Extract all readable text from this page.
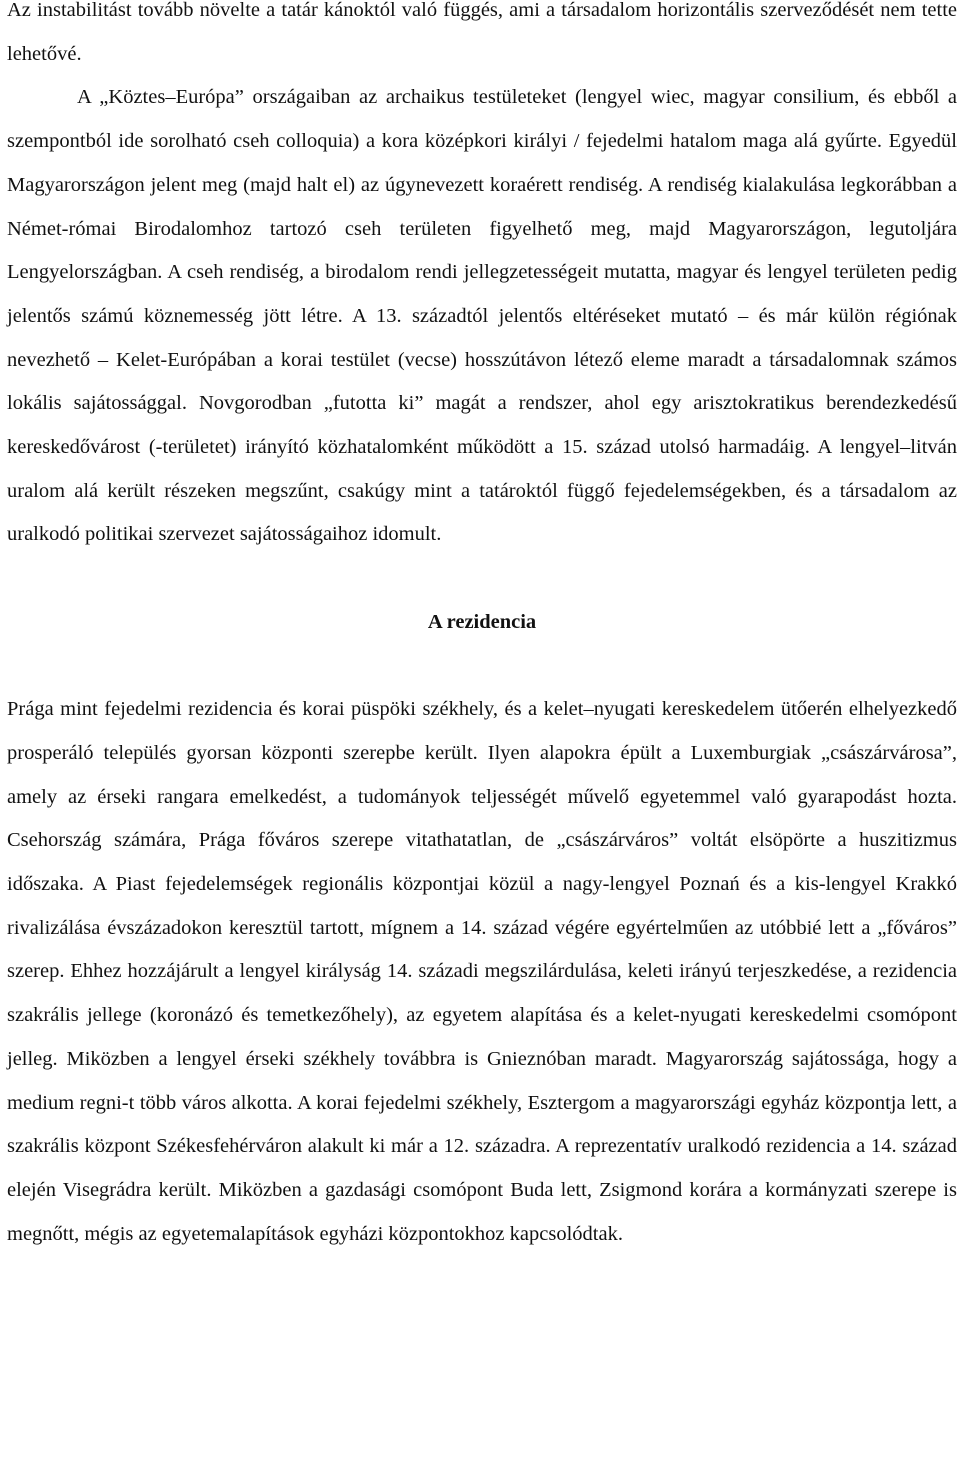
Az instabilitást tovább növelte a tatár kánoktól való függés, ami a társadalom horizontális szerveződését nem tette lehetővé.

A „Köztes–Európa” országaiban az archaikus testületeket (lengyel wiec, magyar consilium, és ebből a szempontból ide sorolható cseh colloquia) a kora középkori királyi / fejedelmi hatalom maga alá gyűrte. Egyedül Magyarországon jelent meg (majd halt el) az úgynevezett koraérett rendiség. A rendiség kialakulása legkorábban a Német-római Birodalomhoz tartozó cseh területen figyelhető meg, majd Magyarországon, legutoljára Lengyelországban. A cseh rendiség, a birodalom rendi jellegzetességeit mutatta, magyar és lengyel területen pedig jelentős számú köznemesség jött létre. A 13. századtól jelentős eltéréseket mutató – és már külön régiónak nevezhető – Kelet-Európában a korai testület (vecse) hosszútávon létező eleme maradt a társadalomnak számos lokális sajátossággal. Novgorodban „futotta ki” magát a rendszer, ahol egy arisztokratikus berendezkedésű kereskedővárost (-területet) irányító közhatalomként működött a 15. század utolsó harmadáig. A lengyel–litván uralom alá került részeken megszűnt, csakúgy mint a tatároktól függő fejedelemségekben, és a társadalom az uralkodó politikai szervezet sajátosságaihoz idomult.

A rezidencia

Prága mint fejedelmi rezidencia és korai püspöki székhely, és a kelet–nyugati kereskedelem ütőerén elhelyezkedő prosperáló település gyorsan központi szerepbe került. Ilyen alapokra épült a Luxemburgiak „császárvárosa”, amely az érseki rangara emelkedést, a tudományok teljességét művelő egyetemmel való gyarapodást hozta. Csehország számára, Prága főváros szerepe vitathatatlan, de „császárváros” voltát elsöpörte a huszitizmus időszaka. A Piast fejedelemségek regionális központjai közül a nagy-lengyel Poznań és a kis-lengyel Krakkó rivalizálása évszázadokon keresztül tartott, mígnem a 14. század végére egyértelműen az utóbbié lett a „főváros” szerep. Ehhez hozzájárult a lengyel királyság 14. századi megszilárdulása, keleti irányú terjeszkedése, a rezidencia szakrális jellege (koronázó és temetkezőhely), az egyetem alapítása és a kelet-nyugati kereskedelmi csomópont jelleg. Miközben a lengyel érseki székhely továbbra is Gnieznóban maradt. Magyarország sajátossága, hogy a medium regni-t több város alkotta. A korai fejedelmi székhely, Esztergom a magyarországi egyház központja lett, a szakrális központ Székesfehérváron alakult ki már a 12. századra. A reprezentatív uralkodó rezidencia a 14. század elején Visegrádra került. Miközben a gazdasági csomópont Buda lett, Zsigmond korára a kormányzati szerepe is megnőtt, mégis az egyetemalapítások egyházi központokhoz kapcsolódtak.
